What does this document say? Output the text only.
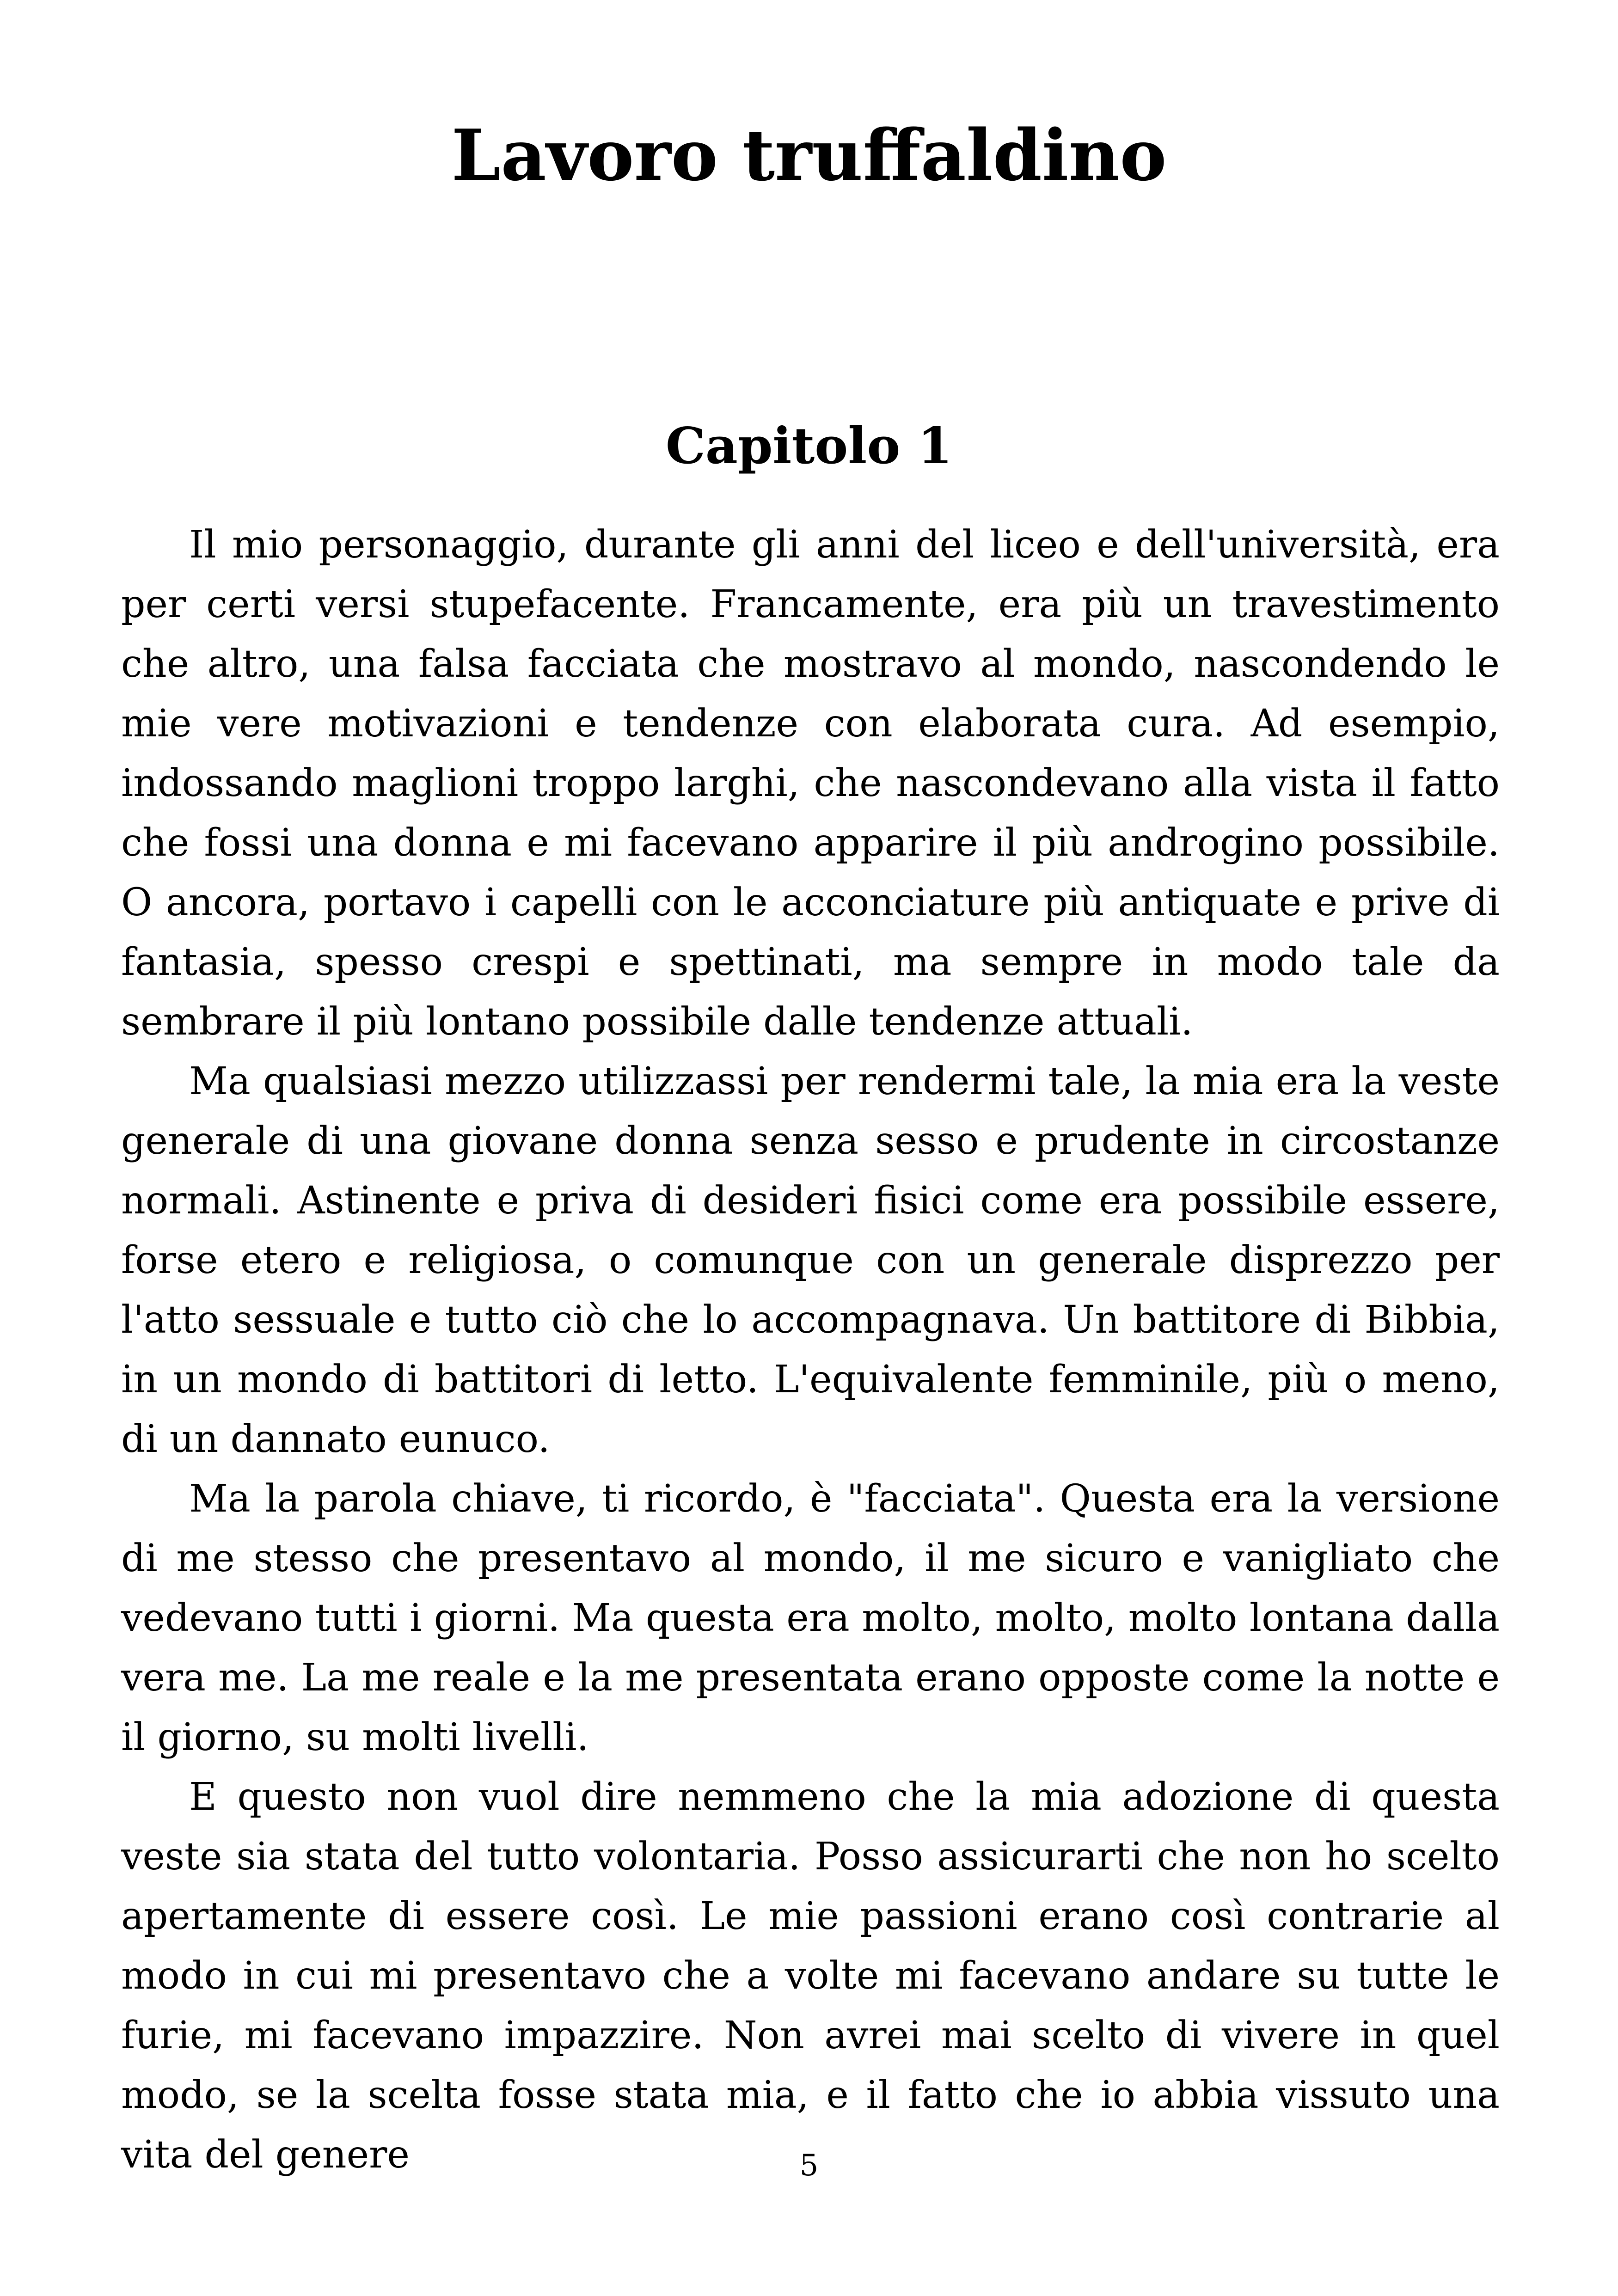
Lavoro truffaldino
Capitolo 1

Il mio personaggio, durante gli anni del liceo e dell'università, era per certi versi stupefacente. Francamente, era più un travestimento che altro, una falsa facciata che mostravo al mondo, nascondendo le mie vere motivazioni e tendenze con elaborata cura. Ad esempio, indossando maglioni troppo larghi, che nascondevano alla vista il fatto che fossi una donna e mi facevano apparire il più androgino possibile. O ancora, portavo i capelli con le acconciature più antiquate e prive di fantasia, spesso crespi e spettinati, ma sempre in modo tale da sembrare il più lontano possibile dalle tendenze attuali.

Ma qualsiasi mezzo utilizzassi per rendermi tale, la mia era la veste generale di una giovane donna senza sesso e prudente in circostanze normali. Astinente e priva di desideri fisici come era possibile essere, forse etero e religiosa, o comunque con un generale disprezzo per l'atto sessuale e tutto ciò che lo accompagnava. Un battitore di Bibbia, in un mondo di battitori di letto. L'equivalente femminile, più o meno, di un dannato eunuco.

Ma la parola chiave, ti ricordo, è "facciata". Questa era la versione di me stesso che presentavo al mondo, il me sicuro e vanigliato che vedevano tutti i giorni. Ma questa era molto, molto, molto lontana dalla vera me. La me reale e la me presentata erano opposte come la notte e il giorno, su molti livelli.

E questo non vuol dire nemmeno che la mia adozione di questa veste sia stata del tutto volontaria. Posso assicurarti che non ho scelto apertamente di essere così. Le mie passioni erano così contrarie al modo in cui mi presentavo che a volte mi facevano andare su tutte le furie, mi facevano impazzire. Non avrei mai scelto di vivere in quel modo, se la scelta fosse stata mia, e il fatto che io abbia vissuto una vita del genere	5
